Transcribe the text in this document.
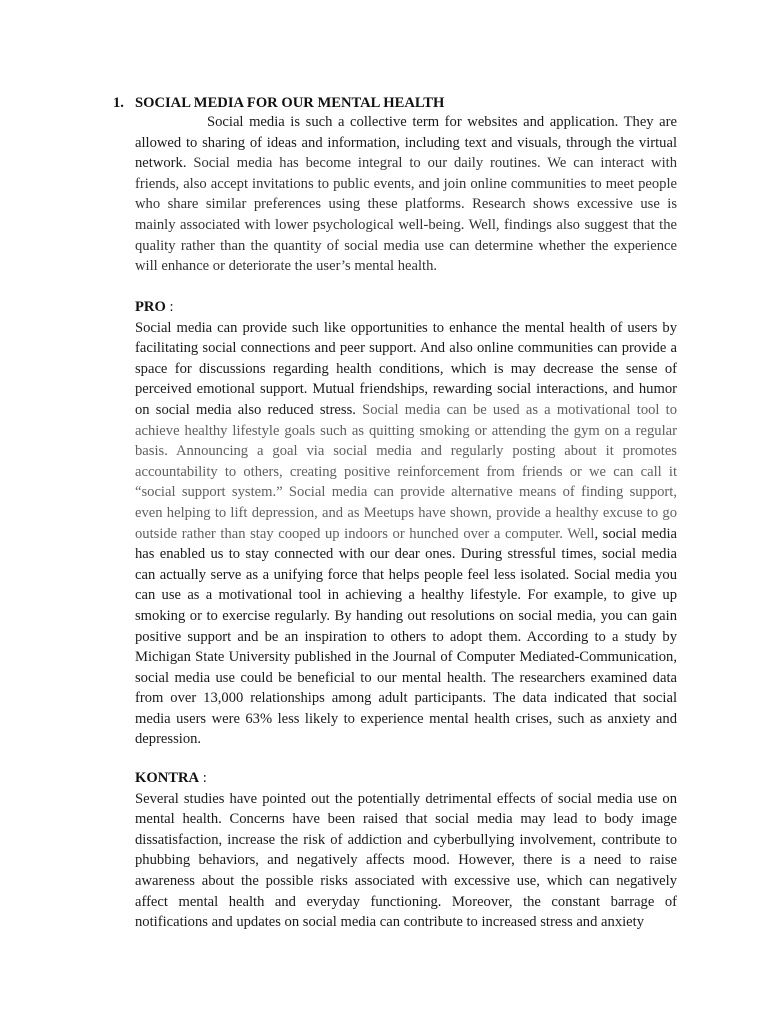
1. SOCIAL MEDIA FOR OUR MENTAL HEALTH

Social media is such a collective term for websites and application. They are allowed to sharing of ideas and information, including text and visuals, through the virtual network. Social media has become integral to our daily routines. We can interact with friends, also accept invitations to public events, and join online communities to meet people who share similar preferences using these platforms. Research shows excessive use is mainly associated with lower psychological well-being. Well, findings also suggest that the quality rather than the quantity of social media use can determine whether the experience will enhance or deteriorate the user’s mental health.

PRO :

Social media can provide such like opportunities to enhance the mental health of users by facilitating social connections and peer support. And also online communities can provide a space for discussions regarding health conditions, which is may decrease the sense of perceived emotional support. Mutual friendships, rewarding social interactions, and humor on social media also reduced stress. Social media can be used as a motivational tool to achieve healthy lifestyle goals such as quitting smoking or attending the gym on a regular basis. Announcing a goal via social media and regularly posting about it promotes accountability to others, creating positive reinforcement from friends or we can call it “social support system.” Social media can provide alternative means of finding support, even helping to lift depression, and as Meetups have shown, provide a healthy excuse to go outside rather than stay cooped up indoors or hunched over a computer. Well, social media has enabled us to stay connected with our dear ones. During stressful times, social media can actually serve as a unifying force that helps people feel less isolated. Social media you can use as a motivational tool in achieving a healthy lifestyle. For example, to give up smoking or to exercise regularly. By handing out resolutions on social media, you can gain positive support and be an inspiration to others to adopt them. According to a study by Michigan State University published in the Journal of Computer Mediated-Communication, social media use could be beneficial to our mental health. The researchers examined data from over 13,000 relationships among adult participants. The data indicated that social media users were 63% less likely to experience mental health crises, such as anxiety and depression.

KONTRA :

Several studies have pointed out the potentially detrimental effects of social media use on mental health. Concerns have been raised that social media may lead to body image dissatisfaction, increase the risk of addiction and cyberbullying involvement, contribute to phubbing behaviors, and negatively affects mood. However, there is a need to raise awareness about the possible risks associated with excessive use, which can negatively affect mental health and everyday functioning. Moreover, the constant barrage of notifications and updates on social media can contribute to increased stress and anxiety
